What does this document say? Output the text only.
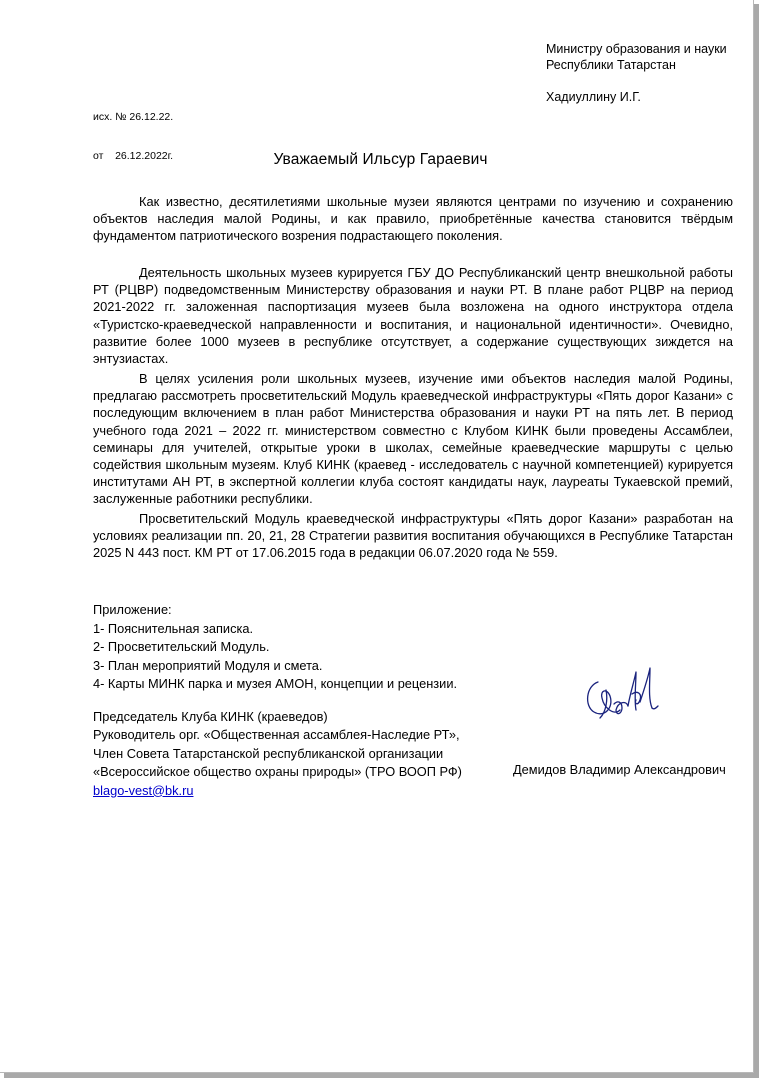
Министру образования и науки
Республики Татарстан
Хадиуллину И.Г.

исх. № 26.12.22.

от    26.12.2022г.

	Уважаемый Ильсур Гараевич
Как известно, десятилетиями школьные музеи являются центрами по изучению и сохранению объектов наследия малой Родины, и как правило, приобретённые качества становится твёрдым фундаментом патриотического возрения подрастающего поколения.
Деятельность школьных музеев курируется ГБУ ДО Республиканский центр внешкольной работы РТ (РЦВР) подведомственным Министерству образования и науки РТ. В плане работ РЦВР на период 2021-2022 гг. заложенная паспортизация музеев была возложена на одного инструктора отдела «Туристско-краеведческой направленности и воспитания, и национальной идентичности». Очевидно, развитие более 1000 музеев в республике отсутствует, а содержание существующих зиждется на энтузиастах.
В целях усиления роли школьных музеев, изучение ими объектов наследия малой Родины, предлагаю рассмотреть просветительский Модуль краеведческой инфраструктуры «Пять дорог Казани» с последующим включением в план работ Министерства образования и науки РТ на пять лет. В период учебного года 2021 – 2022 гг. министерством совместно с Клубом КИНК были проведены Ассамблеи, семинары для учителей, открытые уроки в школах, семейные краеведческие маршруты с целью содействия школьным музеям. Клуб КИНК (краевед - исследователь с научной компетенцией) курируется институтами АН РТ, в экспертной коллегии клуба состоят кандидаты наук, лауреаты Тукаевской премий, заслуженные работники республики.
Просветительский Модуль краеведческой инфраструктуры «Пять дорог Казани» разработан на условиях реализации пп. 20, 21, 28 Стратегии развития воспитания обучающихся в Республике Татарстан 2025 N 443 пост. КМ РТ от 17.06.2015 года в редакции 06.07.2020 года № 559.
Приложение:
1- Пояснительная записка.
2- Просветительский Модуль.
3- План мероприятий Модуля и смета.
4- Карты МИНК парка и музея АМОН, концепции и рецензии.
Председатель Клуба КИНК (краеведов)
Руководитель орг. «Общественная ассамблея-Наследие РТ»,
Член Совета Татарстанской республиканской организации
«Всероссийское общество охраны природы» (ТРО ВООП РФ)
blago-vest@bk.ru
Демидов Владимир Александрович
